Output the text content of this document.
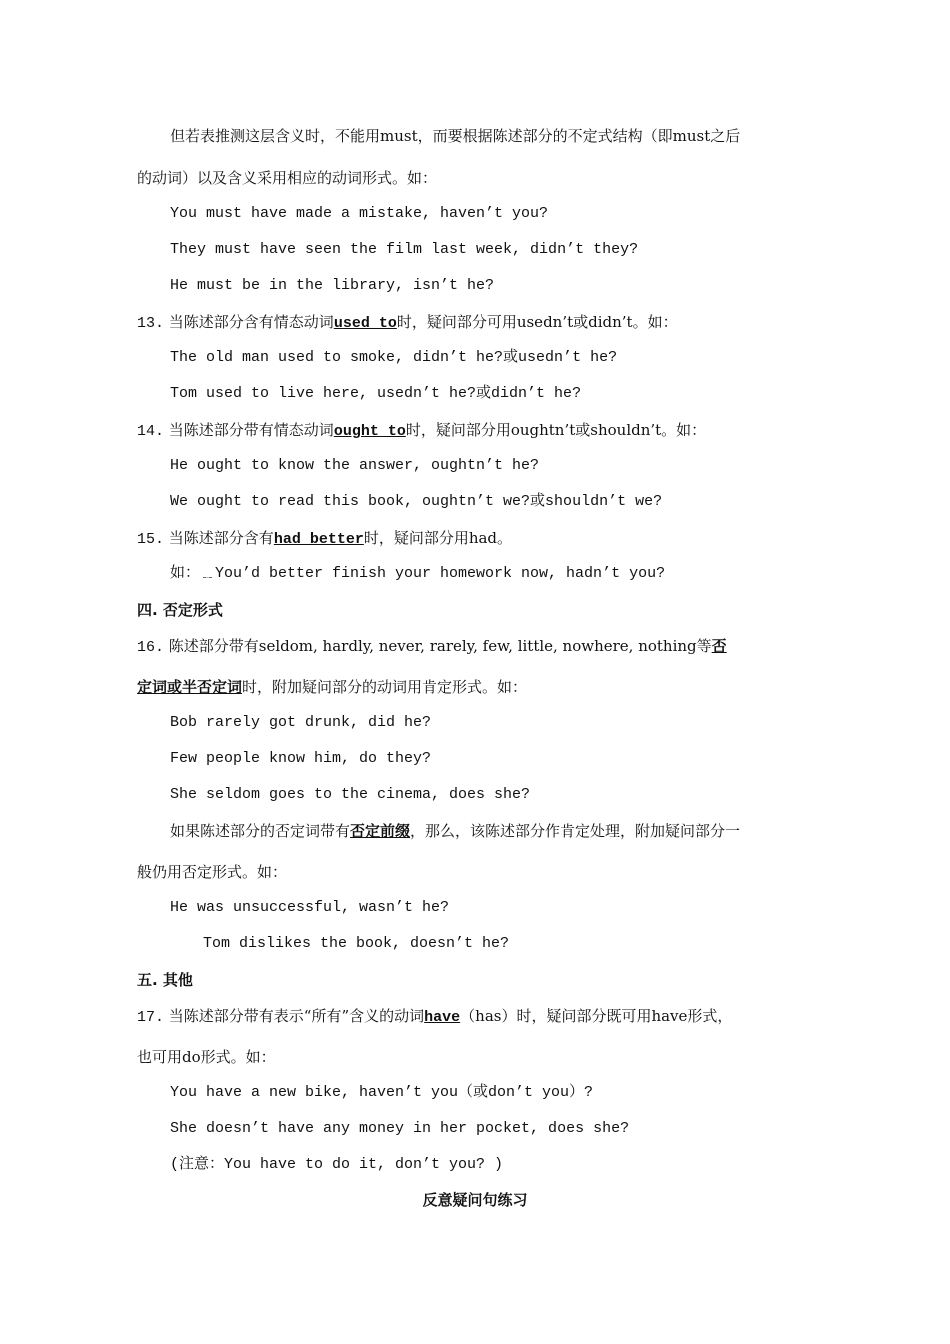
但若表推测这层含义时，不能用must，而要根据陈述部分的不定式结构（即must之后
的动词）以及含义采用相应的动词形式。如：
You must have made a mistake, haven’t you?
They must have seen the film last week, didn’t they?
He must be in the library, isn’t he?
13. 当陈述部分含有情态动词used to时，疑问部分可用usedn’t或didn’t。如：
The old man used to smoke, didn’t he?或usedn’t he?
Tom used to live here, usedn’t he?或didn’t he?
14. 当陈述部分带有情态动词ought to时，疑问部分用oughtn’t或shouldn’t。如：
He ought to know the answer, oughtn’t he?
We ought to read this book, oughtn’t we?或shouldn’t we?
15. 当陈述部分含有had better时，疑问部分用had。
如：﹎You’d better finish your homework now, hadn’t you?
四. 否定形式
16. 陈述部分带有seldom, hardly, never, rarely, few, little, nowhere, nothing等否
定词或半否定词时，附加疑问部分的动词用肯定形式。如：
Bob rarely got drunk, did he?
Few people know him, do they?
She seldom goes to the cinema, does she?
如果陈述部分的否定词带有否定前缀，那么，该陈述部分作肯定处理，附加疑问部分一
般仍用否定形式。如：
He was unsuccessful, wasn’t he?
Tom dislikes the book, doesn’t he?
五. 其他
17. 当陈述部分带有表示“所有”含义的动词have（has）时，疑问部分既可用have形式，
也可用do形式。如：
You have a new bike, haven’t you（或don’t you）?
She doesn’t have any money in her pocket, does she?
(注意：You have to do it, don’t you? )
反意疑问句练习
